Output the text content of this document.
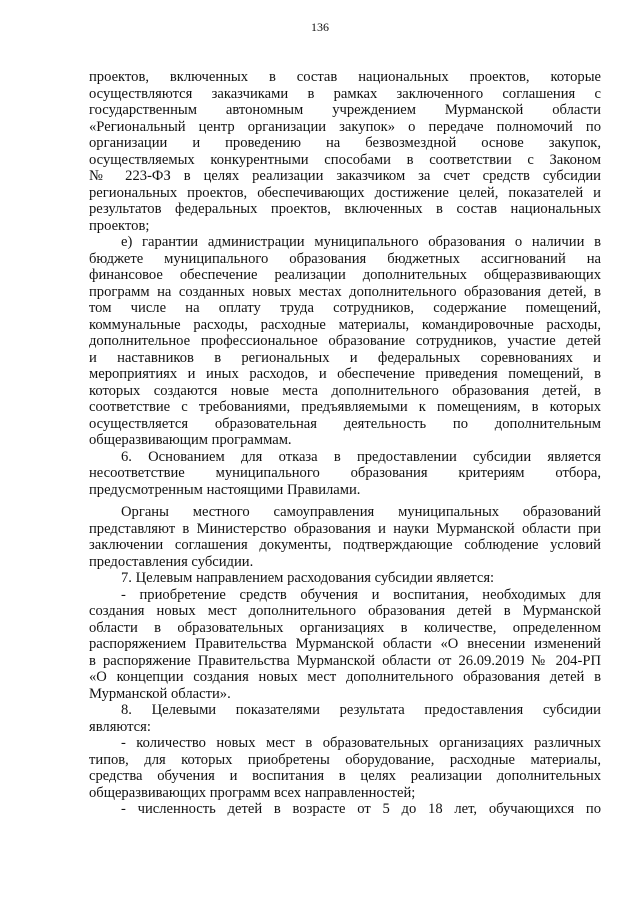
136
проектов, включенных в состав национальных проектов, которые
осуществляются заказчиками в рамках заключенного соглашения с
государственным автономным учреждением Мурманской области
«Региональный центр организации закупок» о передаче полномочий по
организации и проведению на безвозмездной основе закупок,
осуществляемых конкурентными способами в соответствии с Законом
№ 223-ФЗ в целях реализации заказчиком за счет средств субсидии
региональных проектов, обеспечивающих достижение целей, показателей и
результатов федеральных проектов, включенных в состав национальных
проектов;
е) гарантии администрации муниципального образования о наличии в
бюджете муниципального образования бюджетных ассигнований на
финансовое обеспечение реализации дополнительных общеразвивающих
программ на созданных новых местах дополнительного образования детей, в
том числе на оплату труда сотрудников, содержание помещений,
коммунальные расходы, расходные материалы, командировочные расходы,
дополнительное профессиональное образование сотрудников, участие детей
и наставников в региональных и федеральных соревнованиях и
мероприятиях и иных расходов, и обеспечение приведения помещений, в
которых создаются новые места дополнительного образования детей, в
соответствие с требованиями, предъявляемыми к помещениям, в которых
осуществляется образовательная деятельность по дополнительным
общеразвивающим программам.
6. Основанием для отказа в предоставлении субсидии является
несоответствие муниципального образования критериям отбора,
предусмотренным настоящими Правилами.
Органы местного самоуправления муниципальных образований
представляют в Министерство образования и науки Мурманской области при
заключении соглашения документы, подтверждающие соблюдение условий
предоставления субсидии.
7. Целевым направлением расходования субсидии является:
- приобретение средств обучения и воспитания, необходимых для
создания новых мест дополнительного образования детей в Мурманской
области в образовательных организациях в количестве, определенном
распоряжением Правительства Мурманской области «О внесении изменений
в распоряжение Правительства Мурманской области от 26.09.2019 № 204-РП
«О концепции создания новых мест дополнительного образования детей в
Мурманской области».
8. Целевыми показателями результата предоставления субсидии
являются:
- количество новых мест в образовательных организациях различных
типов, для которых приобретены оборудование, расходные материалы,
средства обучения и воспитания в целях реализации дополнительных
общеразвивающих программ всех направленностей;
- численность детей в возрасте от 5 до 18 лет, обучающихся по
